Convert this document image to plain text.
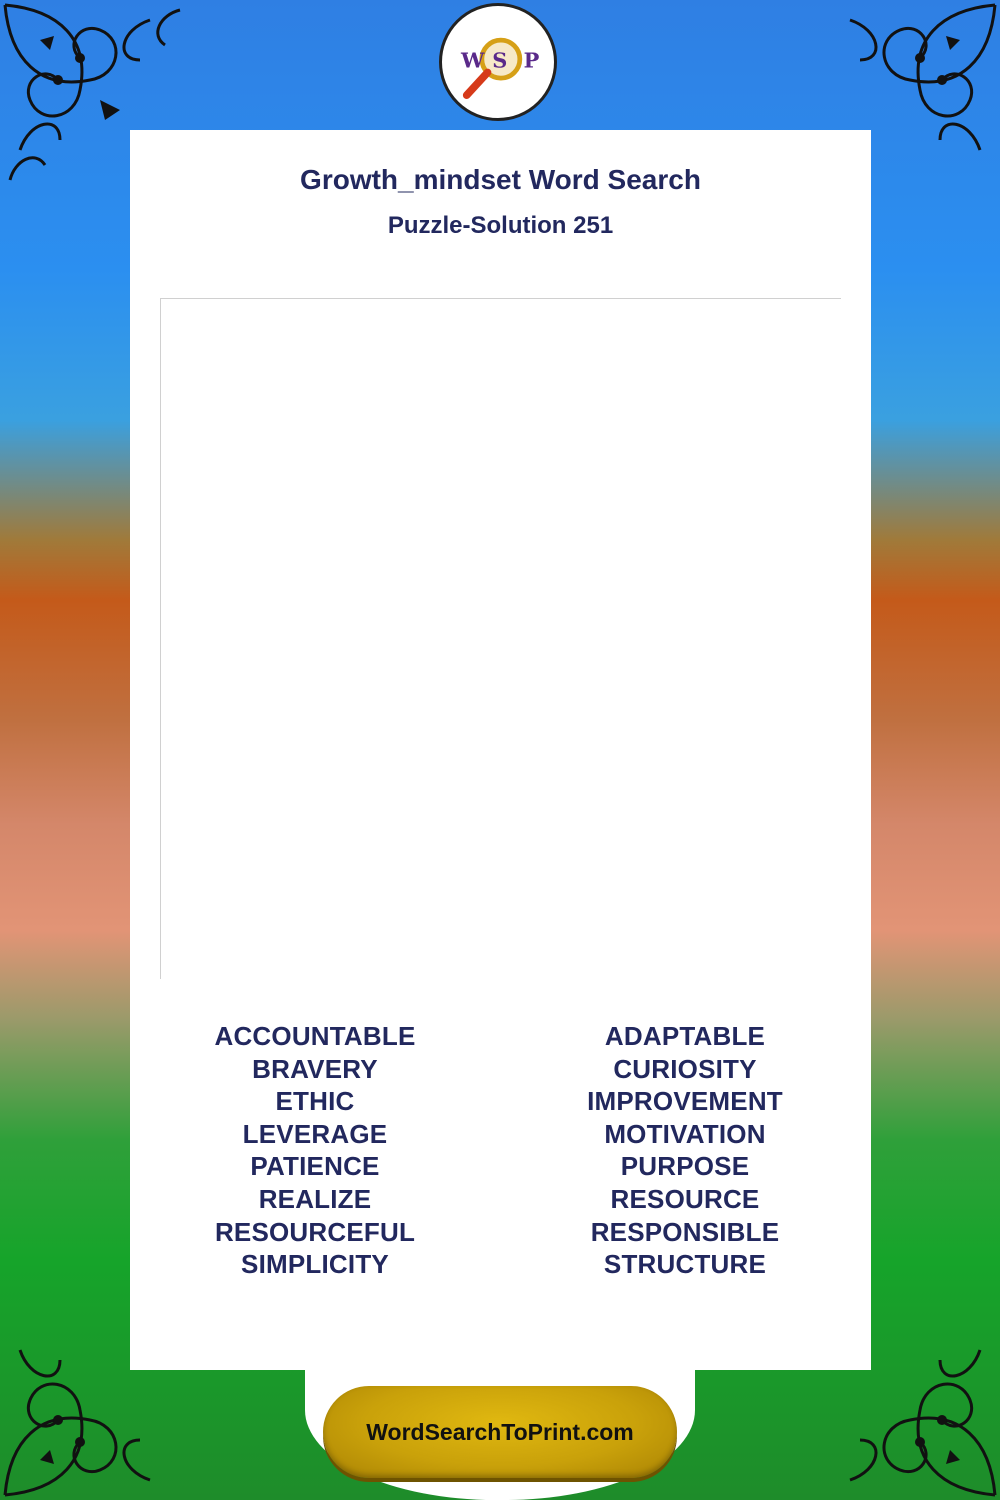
W S P
Growth_mindset Word Search
Puzzle-Solution 251
ACCOUNTABLE
BRAVERY
ETHIC
LEVERAGE
PATIENCE
REALIZE
RESOURCEFUL
SIMPLICITY
ADAPTABLE
CURIOSITY
IMPROVEMENT
MOTIVATION
PURPOSE
RESOURCE
RESPONSIBLE
STRUCTURE
WordSearchToPrint.com
